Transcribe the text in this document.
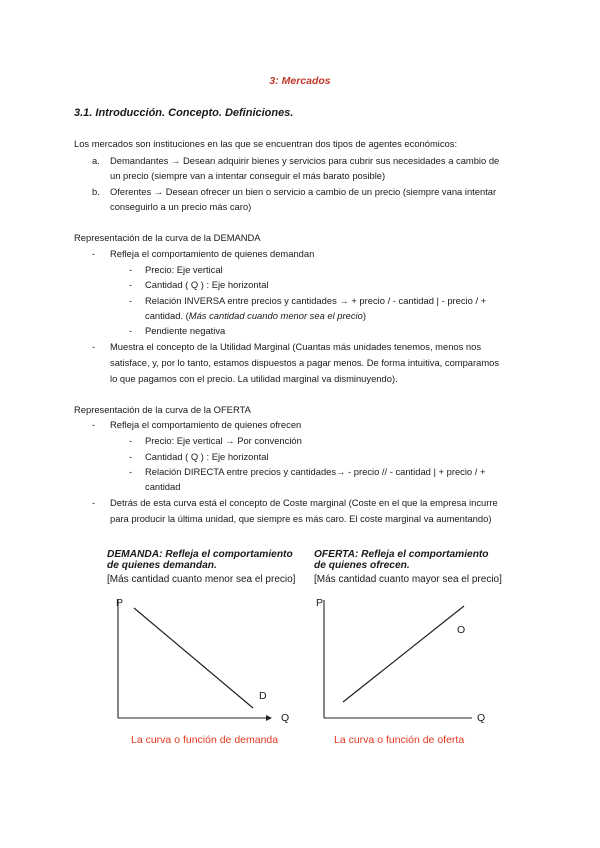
3: Mercados
3.1. Introducción. Concepto. Definiciones.
Los mercados son instituciones en las que se encuentran dos tipos de agentes económicos:
a. Demandantes → Desean adquirir bienes y servicios para cubrir sus necesidades a cambio de
un precio (siempre van a intentar conseguir el más barato posible)
b. Oferentes → Desean ofrecer un bien o servicio a cambio de un precio (siempre vana intentar
conseguirlo a un precio más caro)
Representación de la curva de la DEMANDA
- Refleja el comportamiento de quienes demandan
- Precio: Eje vertical
- Cantidad ( Q ) : Eje horizontal
- Relación INVERSA entre precios y cantidades → + precio / - cantidad | - precio / +
cantidad. (Más cantidad cuando menor sea el precio)
- Pendiente negativa
- Muestra el concepto de la Utilidad Marginal (Cuantas más unidades tenemos, menos nos
satisface, y, por lo tanto, estamos dispuestos a pagar menos. De forma intuitiva, comparamos
lo que pagamos con el precio. La utilidad marginal va disminuyendo).
Representación de la curva de la OFERTA
- Refleja el comportamiento de quienes ofrecen
- Precio: Eje vertical → Por convención
- Cantidad ( Q ) : Eje horizontal
- Relación DIRECTA entre precios y cantidades→ - precio // - cantidad | + precio / +
cantidad
- Detrás de esta curva está el concepto de Coste marginal (Coste en el que la empresa incurre
para producir la última unidad, que siempre es más caro. El coste marginal va aumentando)
DEMANDA: Refleja el comportamiento
de quienes demandan.
[Más cantidad cuanto menor sea el precio]
OFERTA: Refleja el comportamiento
de quienes ofrecen.
[Más cantidad cuanto mayor sea el precio]
P
Q
D
P
Q
O
La curva o función de demanda	La curva o función de oferta
